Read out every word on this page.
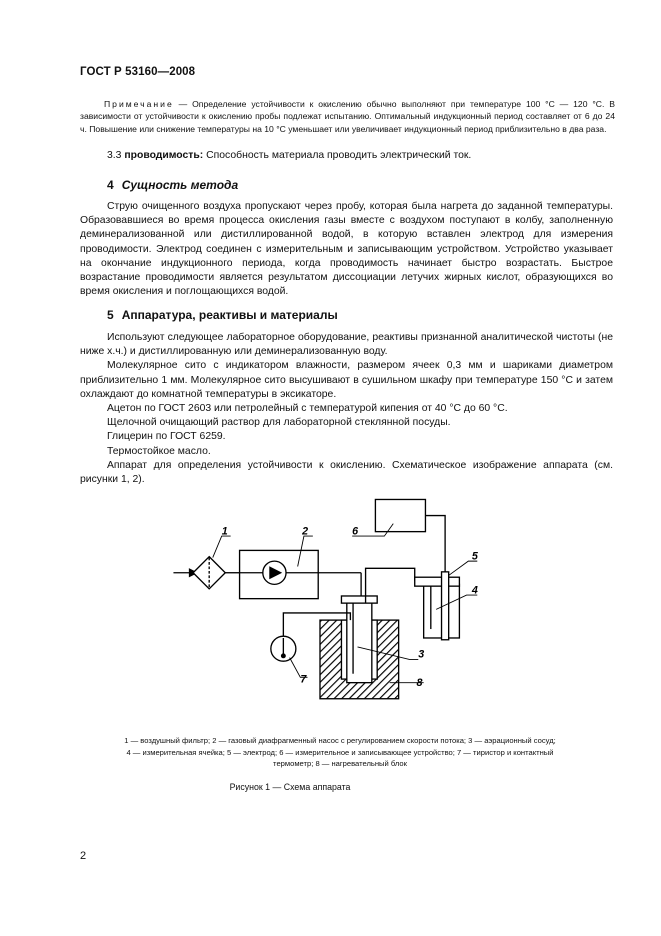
ГОСТ Р 53160—2008

Примечание — Определение устойчивости к окислению обычно выполняют при температуре 100 °С — 120 °С. В зависимости от устойчивости к окислению пробы подлежат испытанию. Оптимальный индукционный период составляет от 6 до 24 ч. Повышение или снижение температуры на 10 °С уменьшает или увеличивает индукционный период приблизительно в два раза.

3.3 проводимость: Способность материала проводить электрический ток.
4 Сущность метода

Струю очищенного воздуха пропускают через пробу, которая была нагрета до заданной температуры. Образовавшиеся во время процесса окисления газы вместе с воздухом поступают в колбу, заполненную деминерализованной или дистиллированной водой, в которую вставлен электрод для измерения проводимости. Электрод соединен с измерительным и записывающим устройством. Устройство указывает на окончание индукционного периода, когда проводимость начинает быстро возрастать. Быстрое возрастание проводимости является результатом диссоциации летучих жирных кислот, образующихся во время окисления и поглощающихся водой.

5 Аппаратура, реактивы и материалы

Используют следующее лабораторное оборудование, реактивы признанной аналитической чистоты (не ниже х.ч.) и дистиллированную или деминерализованную воду.

Молекулярное сито с индикатором влажности, размером ячеек 0,3 мм и шариками диаметром приблизительно 1 мм. Молекулярное сито высушивают в сушильном шкафу при температуре 150 °С и затем охлаждают до комнатной температуры в эксикаторе.

Ацетон по ГОСТ 2603 или петролейный с температурой кипения от 40 °С до 60 °С.

Щелочной очищающий раствор для лабораторной стеклянной посуды.

Глицерин по ГОСТ 6259.

Термостойкое масло.

Аппарат для определения устойчивости к окислению. Схематическое изображение аппарата (см. рисунки 1, 2).

1	2
3
4
5
6
7	8
1 — воздушный фильтр; 2 — газовый диафрагменный насос с регулированием скорости потока; 3 — аэрационный сосуд;
4 — измерительная ячейка; 5 — электрод; 6 — измерительное и записывающее устройство; 7 — тиристор и контактный
термометр; 8 — нагревательный блок
Рисунок 1 — Схема аппарата
2
